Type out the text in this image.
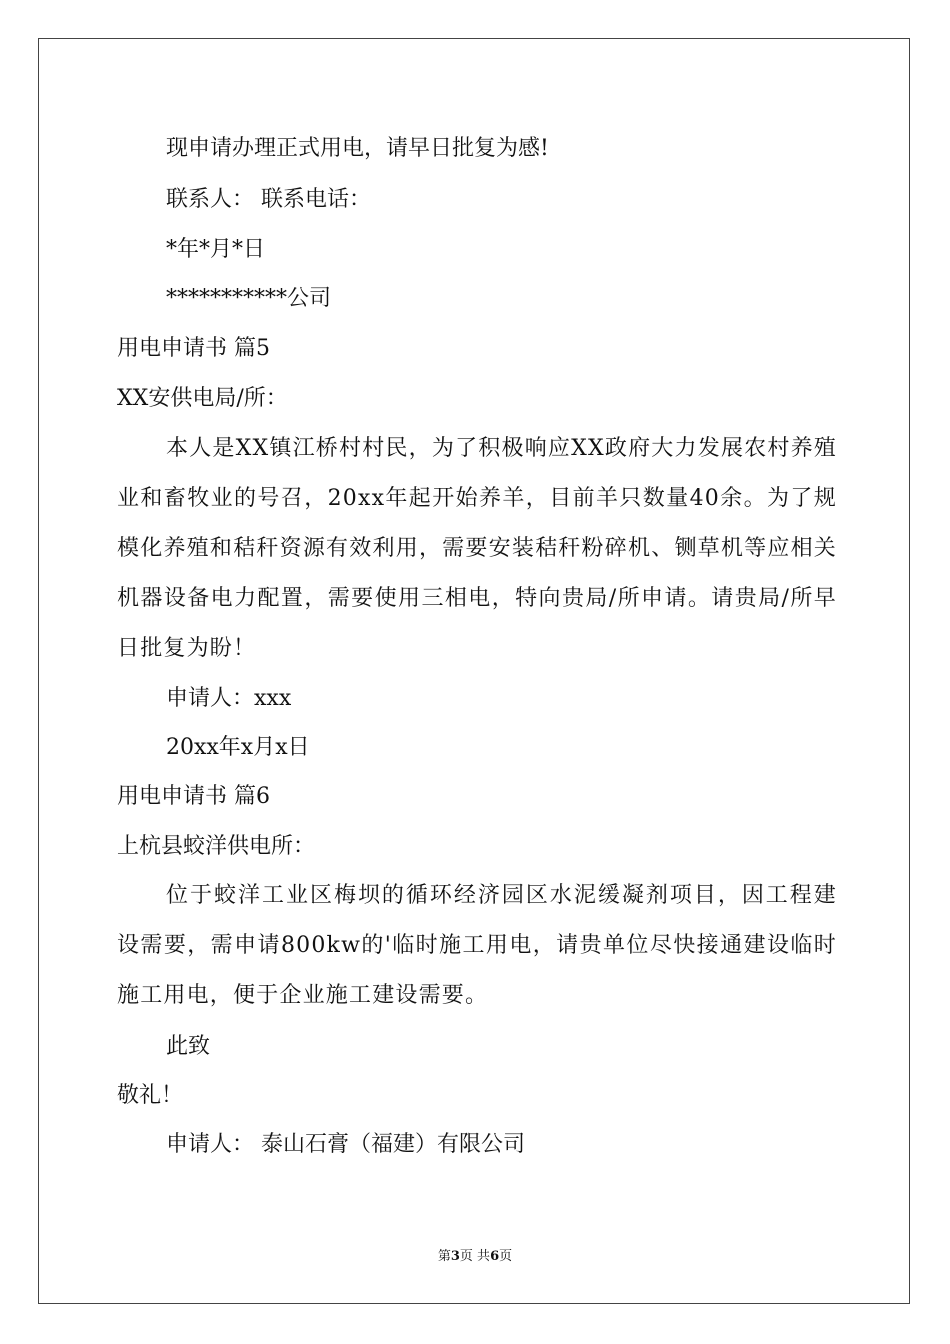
现申请办理正式用电，请早日批复为感!
联系人： 联系电话：
*年*月*日
***********公司
用电申请书 篇5
XX安供电局/所：
本人是XX镇江桥村村民，为了积极响应XX政府大力发展农村养殖业和畜牧业的号召，20xx年起开始养羊，目前羊只数量40余。为了规模化养殖和秸秆资源有效利用，需要安装秸秆粉碎机、铡草机等应相关机器设备电力配置，需要使用三相电，特向贵局/所申请。请贵局/所早日批复为盼！
申请人：xxx
20xx年x月x日
用电申请书 篇6
上杭县蛟洋供电所：
位于蛟洋工业区梅坝的循环经济园区水泥缓凝剂项目，因工程建设需要，需申请800kw的'临时施工用电，请贵单位尽快接通建设临时施工用电，便于企业施工建设需要。
此致
敬礼！
申请人： 泰山石膏（福建）有限公司
第3页 共6页
